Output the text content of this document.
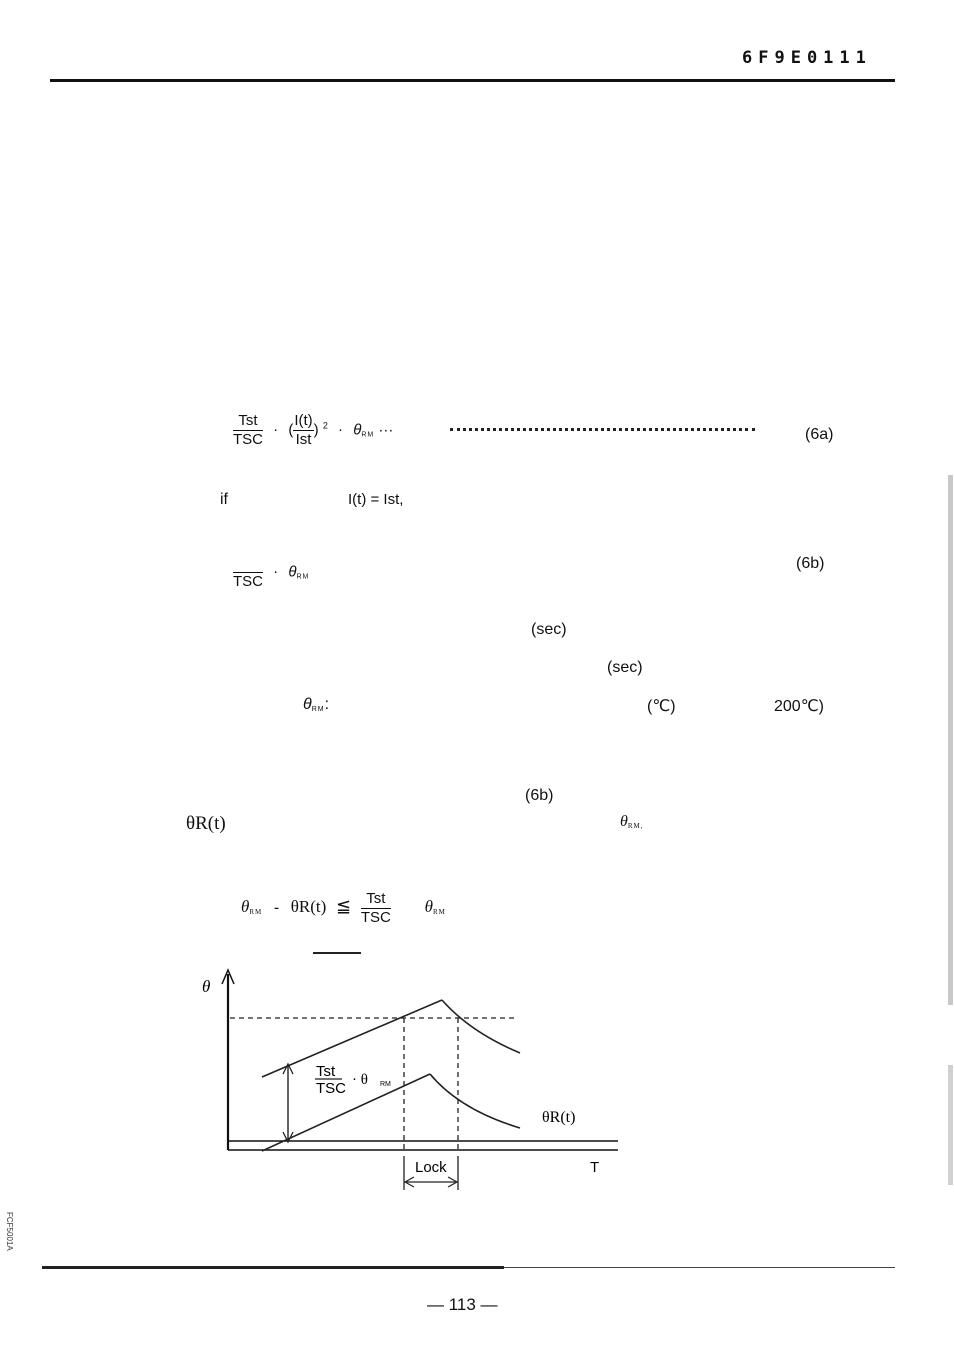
6F9E0111
$\frac{\text{Tst}}{\text{TSC}}$ · ( $\frac{I(t)}{\text{Ist}}$ ) $^2 \cdot \theta_{RM}$ ···	(6a)
if	I(t) = Ist,
TSC
· $\theta_{RM}$
(6b)
(sec)
(sec)
$\theta_{RM}$:	(℃)	200℃)
(6b)
θR(t)	$\theta_{RM,}$
$\theta_{RM} - \theta R(t)$ ≦ $\frac{\text{Tst}}{\text{TSC}} \theta_{RM}$
θ
T
Tst
TSC · θ RM
θR(t)
Lock
FCF5001A
— 113 —
